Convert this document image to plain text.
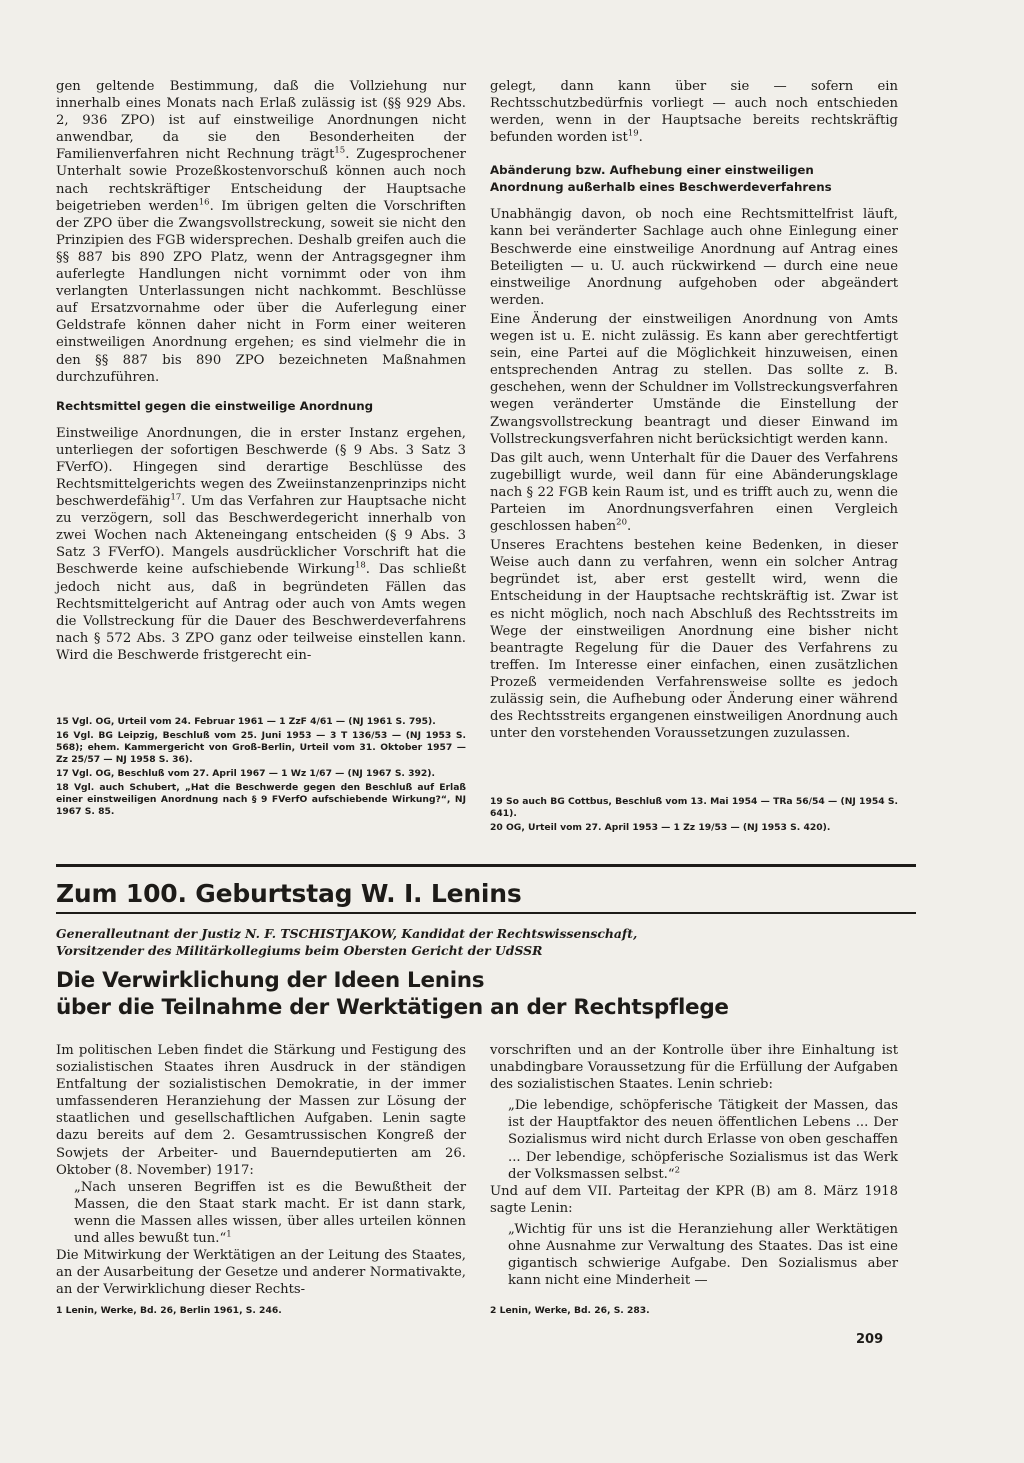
gen geltende Bestimmung, daß die Vollziehung nur innerhalb eines Monats nach Erlaß zulässig ist (§§ 929 Abs. 2, 936 ZPO) ist auf einstweilige Anordnungen nicht anwendbar, da sie den Besonderheiten der Familienverfahren nicht Rechnung trägt$^{15}$. Zugesprochener Unterhalt sowie Prozeßkostenvorschuß können auch noch nach rechtskräftiger Entscheidung der Hauptsache beigetrieben werden$^{16}$. Im übrigen gelten die Vorschriften der ZPO über die Zwangsvollstreckung, soweit sie nicht den Prinzipien des FGB widersprechen. Deshalb greifen auch die §§ 887 bis 890 ZPO Platz, wenn der Antragsgegner ihm auferlegte Handlungen nicht vornimmt oder von ihm verlangten Unterlassungen nicht nachkommt. Beschlüsse auf Ersatzvornahme oder über die Auferlegung einer Geldstrafe können daher nicht in Form einer weiteren einstweiligen Anordnung ergehen; es sind vielmehr die in den §§ 887 bis 890 ZPO bezeichneten Maßnahmen durchzuführen.

Rechtsmittel gegen die einstweilige Anordnung

Einstweilige Anordnungen, die in erster Instanz ergehen, unterliegen der sofortigen Beschwerde (§ 9 Abs. 3 Satz 3 FVerfO). Hingegen sind derartige Beschlüsse des Rechtsmittelgerichts wegen des Zweiinstanzenprinzips nicht beschwerdefähig$^{17}$. Um das Verfahren zur Hauptsache nicht zu verzögern, soll das Beschwerdegericht innerhalb von zwei Wochen nach Akteneingang entscheiden (§ 9 Abs. 3 Satz 3 FVerfO). Mangels ausdrücklicher Vorschrift hat die Beschwerde keine aufschiebende Wirkung$^{18}$. Das schließt jedoch nicht aus, daß in begründeten Fällen das Rechtsmittelgericht auf Antrag oder auch von Amts wegen die Vollstreckung für die Dauer des Beschwerdeverfahrens nach § 572 Abs. 3 ZPO ganz oder teilweise einstellen kann. Wird die Beschwerde fristgerecht ein-

15 Vgl. OG, Urteil vom 24. Februar 1961 — 1 ZzF 4/61 — (NJ 1961 S. 795).

16 Vgl. BG Leipzig, Beschluß vom 25. Juni 1953 — 3 T 136/53 — (NJ 1953 S. 568); ehem. Kammergericht von Groß-Berlin, Urteil vom 31. Oktober 1957 — Zz 25/57 — NJ 1958 S. 36).

17 Vgl. OG, Beschluß vom 27. April 1967 — 1 Wz 1/67 — (NJ 1967 S. 392).

18 Vgl. auch Schubert, „Hat die Beschwerde gegen den Beschluß auf Erlaß einer einstweiligen Anordnung nach § 9 FVerfO aufschiebende Wirkung?“, NJ 1967 S. 85.

gelegt, dann kann über sie — sofern ein Rechtsschutzbedürfnis vorliegt — auch noch entschieden werden, wenn in der Hauptsache bereits rechtskräftig befunden worden ist$^{19}$.

Abänderung bzw. Aufhebung einer einstweiligen

Anordnung außerhalb eines Beschwerdeverfahrens

Unabhängig davon, ob noch eine Rechtsmittelfrist läuft, kann bei veränderter Sachlage auch ohne Einlegung einer Beschwerde eine einstweilige Anordnung auf Antrag eines Beteiligten — u. U. auch rückwirkend — durch eine neue einstweilige Anordnung aufgehoben oder abgeändert werden.

Eine Änderung der einstweiligen Anordnung von Amts wegen ist u. E. nicht zulässig. Es kann aber gerechtfertigt sein, eine Partei auf die Möglichkeit hinzuweisen, einen entsprechenden Antrag zu stellen. Das sollte z. B. geschehen, wenn der Schuldner im Vollstreckungsverfahren wegen veränderter Umstände die Einstellung der Zwangsvollstreckung beantragt und dieser Einwand im Vollstreckungsverfahren nicht berücksichtigt werden kann.

Das gilt auch, wenn Unterhalt für die Dauer des Verfahrens zugebilligt wurde, weil dann für eine Abänderungsklage nach § 22 FGB kein Raum ist, und es trifft auch zu, wenn die Parteien im Anordnungsverfahren einen Vergleich geschlossen haben$^{20}$.

Unseres Erachtens bestehen keine Bedenken, in dieser Weise auch dann zu verfahren, wenn ein solcher Antrag begründet ist, aber erst gestellt wird, wenn die Entscheidung in der Hauptsache rechtskräftig ist. Zwar ist es nicht möglich, noch nach Abschluß des Rechtsstreits im Wege der einstweiligen Anordnung eine bisher nicht beantragte Regelung für die Dauer des Verfahrens zu treffen. Im Interesse einer einfachen, einen zusätzlichen Prozeß vermeidenden Verfahrensweise sollte es jedoch zulässig sein, die Aufhebung oder Änderung einer während des Rechtsstreits ergangenen einstweiligen Anordnung auch unter den vorstehenden Voraussetzungen zuzulassen.

19 So auch BG Cottbus, Beschluß vom 13. Mai 1954 — TRa 56/54 — (NJ 1954 S. 641).

20 OG, Urteil vom 27. April 1953 — 1 Zz 19/53 — (NJ 1953 S. 420).

Zum 100. Geburtstag W. I. Lenins
Generalleutnant der Justiz N. F. TSCHISTJAKOW, Kandidat der Rechtswissenschaft,
Vorsitzender des Militärkollegiums beim Obersten Gericht der UdSSR
Die Verwirklichung der Ideen Lenins
über die Teilnahme der Werktätigen an der Rechtspflege

Im politischen Leben findet die Stärkung und Festigung des sozialistischen Staates ihren Ausdruck in der ständigen Entfaltung der sozialistischen Demokratie, in der immer umfassenderen Heranziehung der Massen zur Lösung der staatlichen und gesellschaftlichen Aufgaben. Lenin sagte dazu bereits auf dem 2. Gesamtrussischen Kongreß der Sowjets der Arbeiter- und Bauerndeputierten am 26. Oktober (8. November) 1917:

„Nach unseren Begriffen ist es die Bewußtheit der Massen, die den Staat stark macht. Er ist dann stark, wenn die Massen alles wissen, über alles urteilen können und alles bewußt tun.“$^1$

Die Mitwirkung der Werktätigen an der Leitung des Staates, an der Ausarbeitung der Gesetze und anderer Normativakte, an der Verwirklichung dieser Rechts-

1 Lenin, Werke, Bd. 26, Berlin 1961, S. 246.

vorschriften und an der Kontrolle über ihre Einhaltung ist unabdingbare Voraussetzung für die Erfüllung der Aufgaben des sozialistischen Staates. Lenin schrieb:

„Die lebendige, schöpferische Tätigkeit der Massen, das ist der Hauptfaktor des neuen öffentlichen Lebens ... Der Sozialismus wird nicht durch Erlasse von oben geschaffen ... Der lebendige, schöpferische Sozialismus ist das Werk der Volksmassen selbst.“$^2$

Und auf dem VII. Parteitag der KPR (B) am 8. März 1918 sagte Lenin:

„Wichtig für uns ist die Heranziehung aller Werktätigen ohne Ausnahme zur Verwaltung des Staates. Das ist eine gigantisch schwierige Aufgabe. Den Sozialismus aber kann nicht eine Minderheit —

2 Lenin, Werke, Bd. 26, S. 283.

209
